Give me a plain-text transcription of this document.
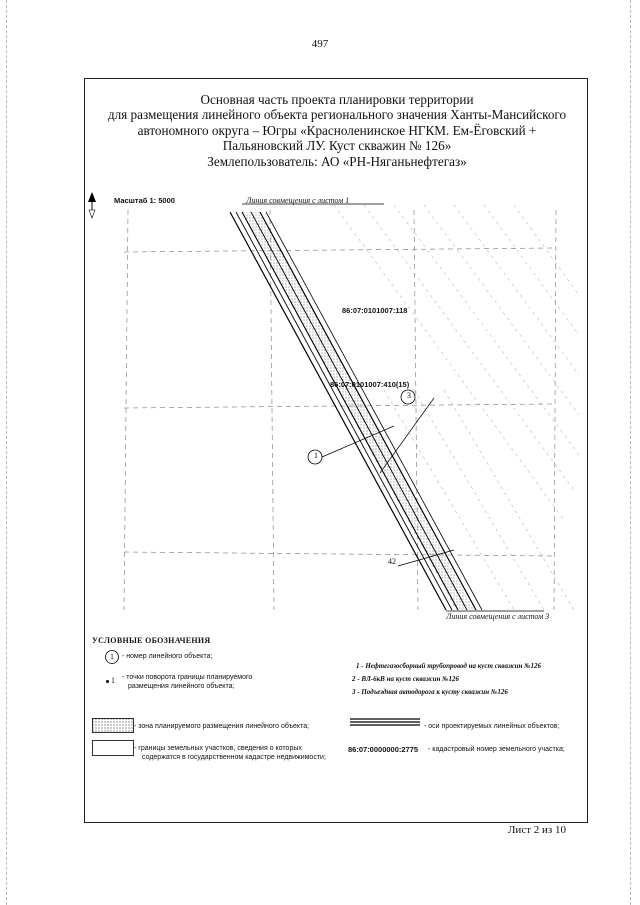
497
Основная часть проекта планировки территории
для размещения линейного объекта регионального значения Ханты-Мансийского
автономного округа – Югры «Красноленинское НГКМ. Ем-Ёговский +
Пальяновский ЛУ. Куст скважин № 126»
Землепользователь: АО «РН-Няганьнефтегаз»
Линия совмещения с листом 1
Линия совмещения с листом 3
Масштаб 1: 5000
86:07:0101007:118
86:07:0101007:410(15)
1
3
42
УСЛОВНЫЕ ОБОЗНАЧЕНИЯ
1	- номер линейного объекта;
1 - точки поворота границы планируемого
размещения линейного объекта;
1 - Нефтегазосборный трубопровод на куст скважин №126
2 - ВЛ-6кВ на куст скважин №126
3 - Подъездная автодорога к кусту скважин №126
- зона планируемого размещения линейного объекта;
- границы земельных участков, сведения о которых
содержатся в государственном кадастре недвижимости;
- оси проектируемых линейных объектов;
86:07:0000000:2775 - кадастровый номер земельного участка;
Лист 2 из 10
